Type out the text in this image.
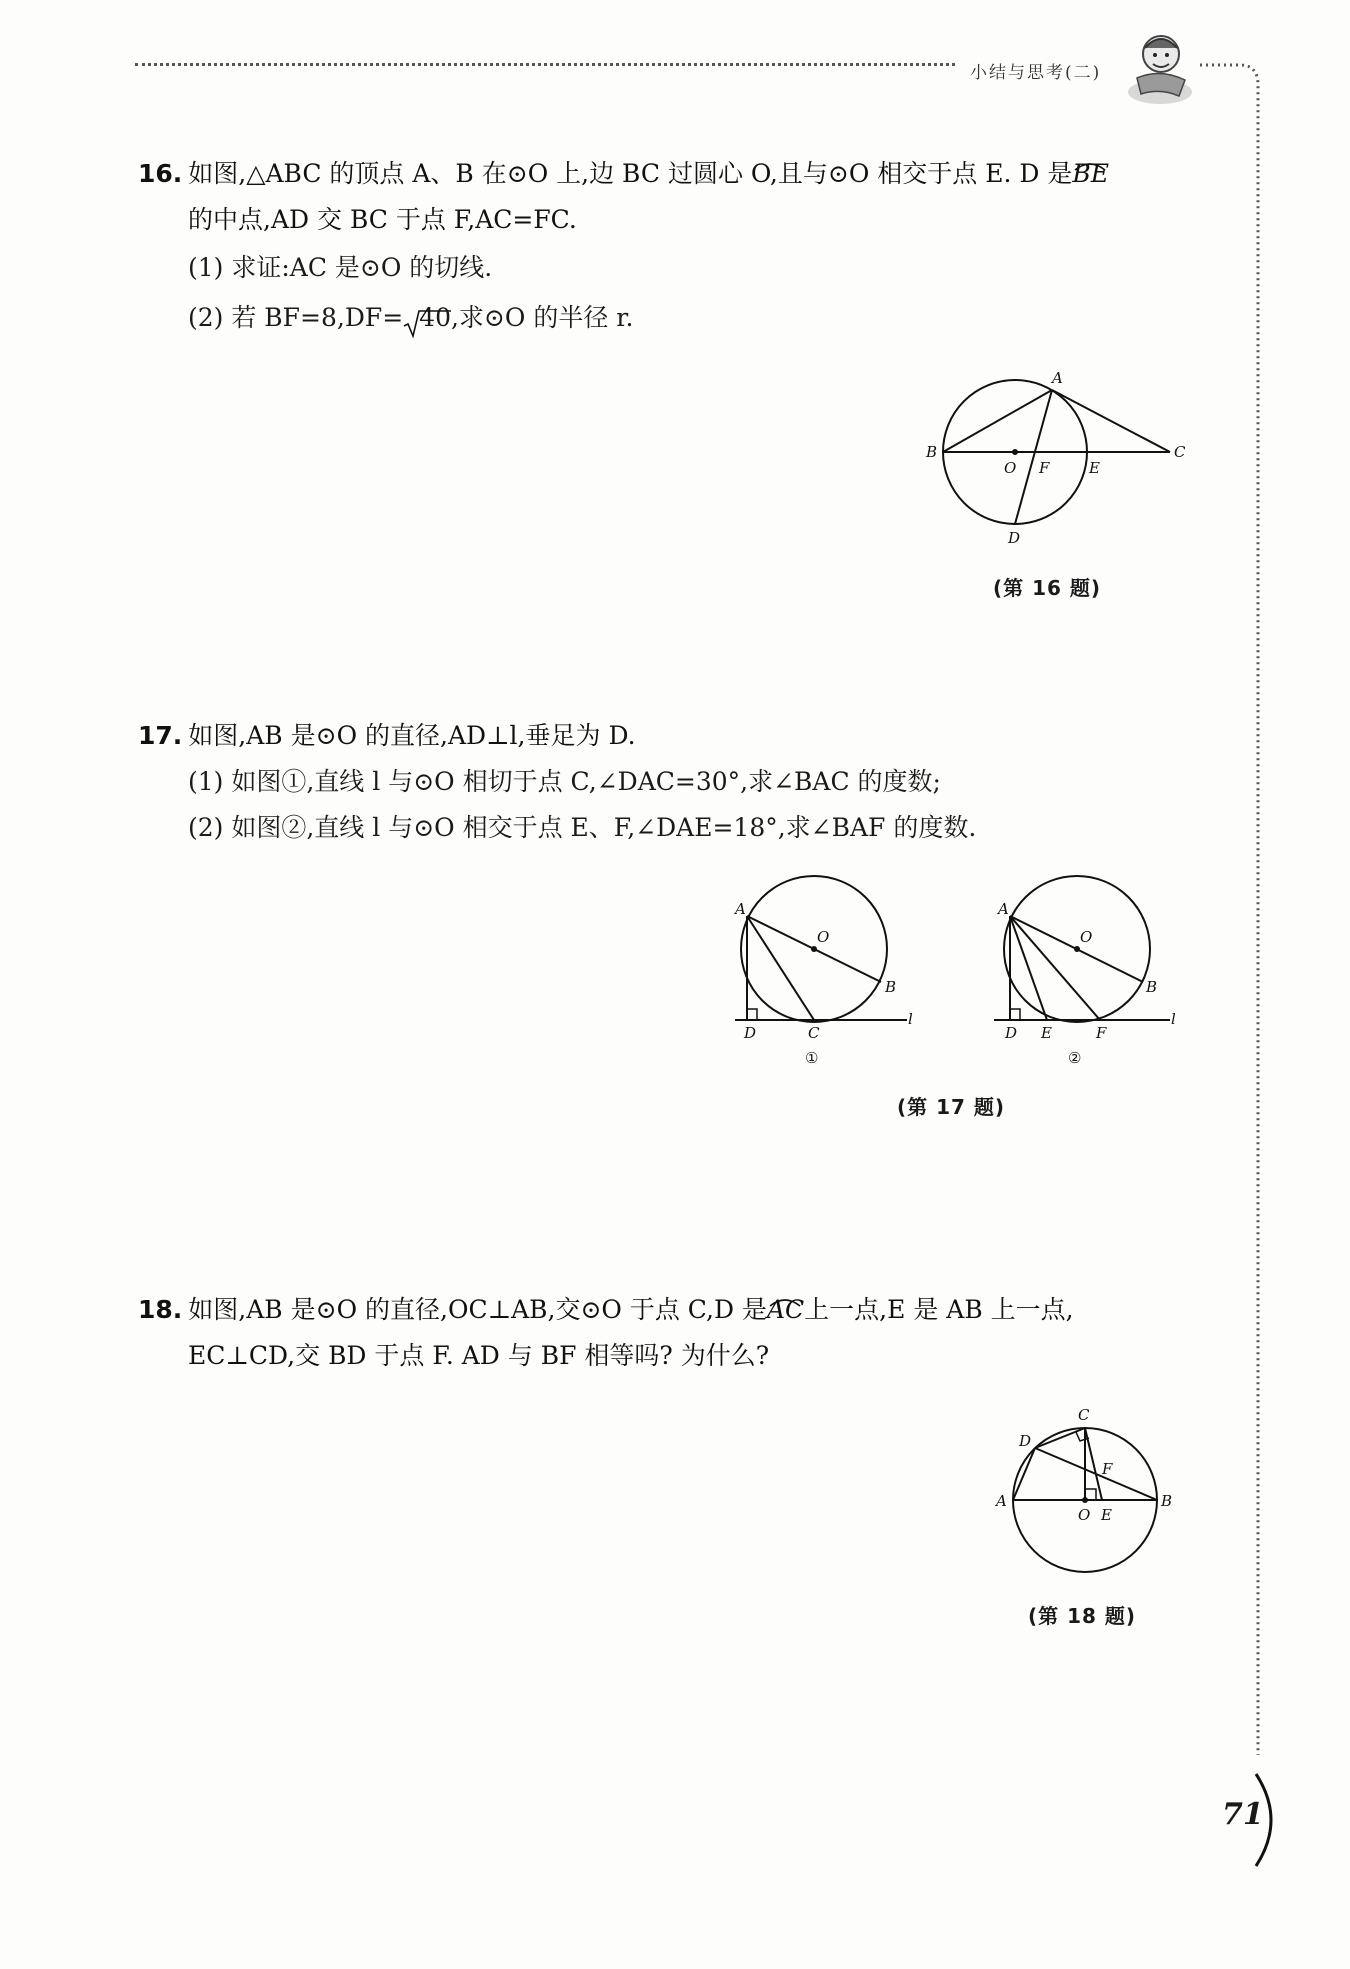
小结与思考(二)
16. 如图,△ABC 的顶点 A、B 在⊙O 上,边 BC 过圆心 O,且与⊙O 相交于点 E. D 是BE
的中点,AD 交 BC 于点 F,AC=FC.
(1) 求证:AC 是⊙O 的切线.
(2) 若 BF=8,DF= 40,求⊙O 的半径 r.
A
B	C
O F	E
D
(第 16 题)
17. 如图,AB 是⊙O 的直径,AD⊥l,垂足为 D.
(1) 如图①,直线 l 与⊙O 相切于点 C,∠DAC=30°,求∠BAC 的度数;
(2) 如图②,直线 l 与⊙O 相交于点 E、F,∠DAE=18°,求∠BAF 的度数.
A
O
B
D	C
l
①
A
O
B
D E	F
l
②
(第 17 题)
18. 如图,AB 是⊙O 的直径,OC⊥AB,交⊙O 于点 C,D 是AC
上一点,E 是 AB 上一点,
EC⊥CD,交 BD 于点 F. AD 与 BF 相等吗? 为什么?
C
D
F
A
O E
B
(第 18 题)
71
